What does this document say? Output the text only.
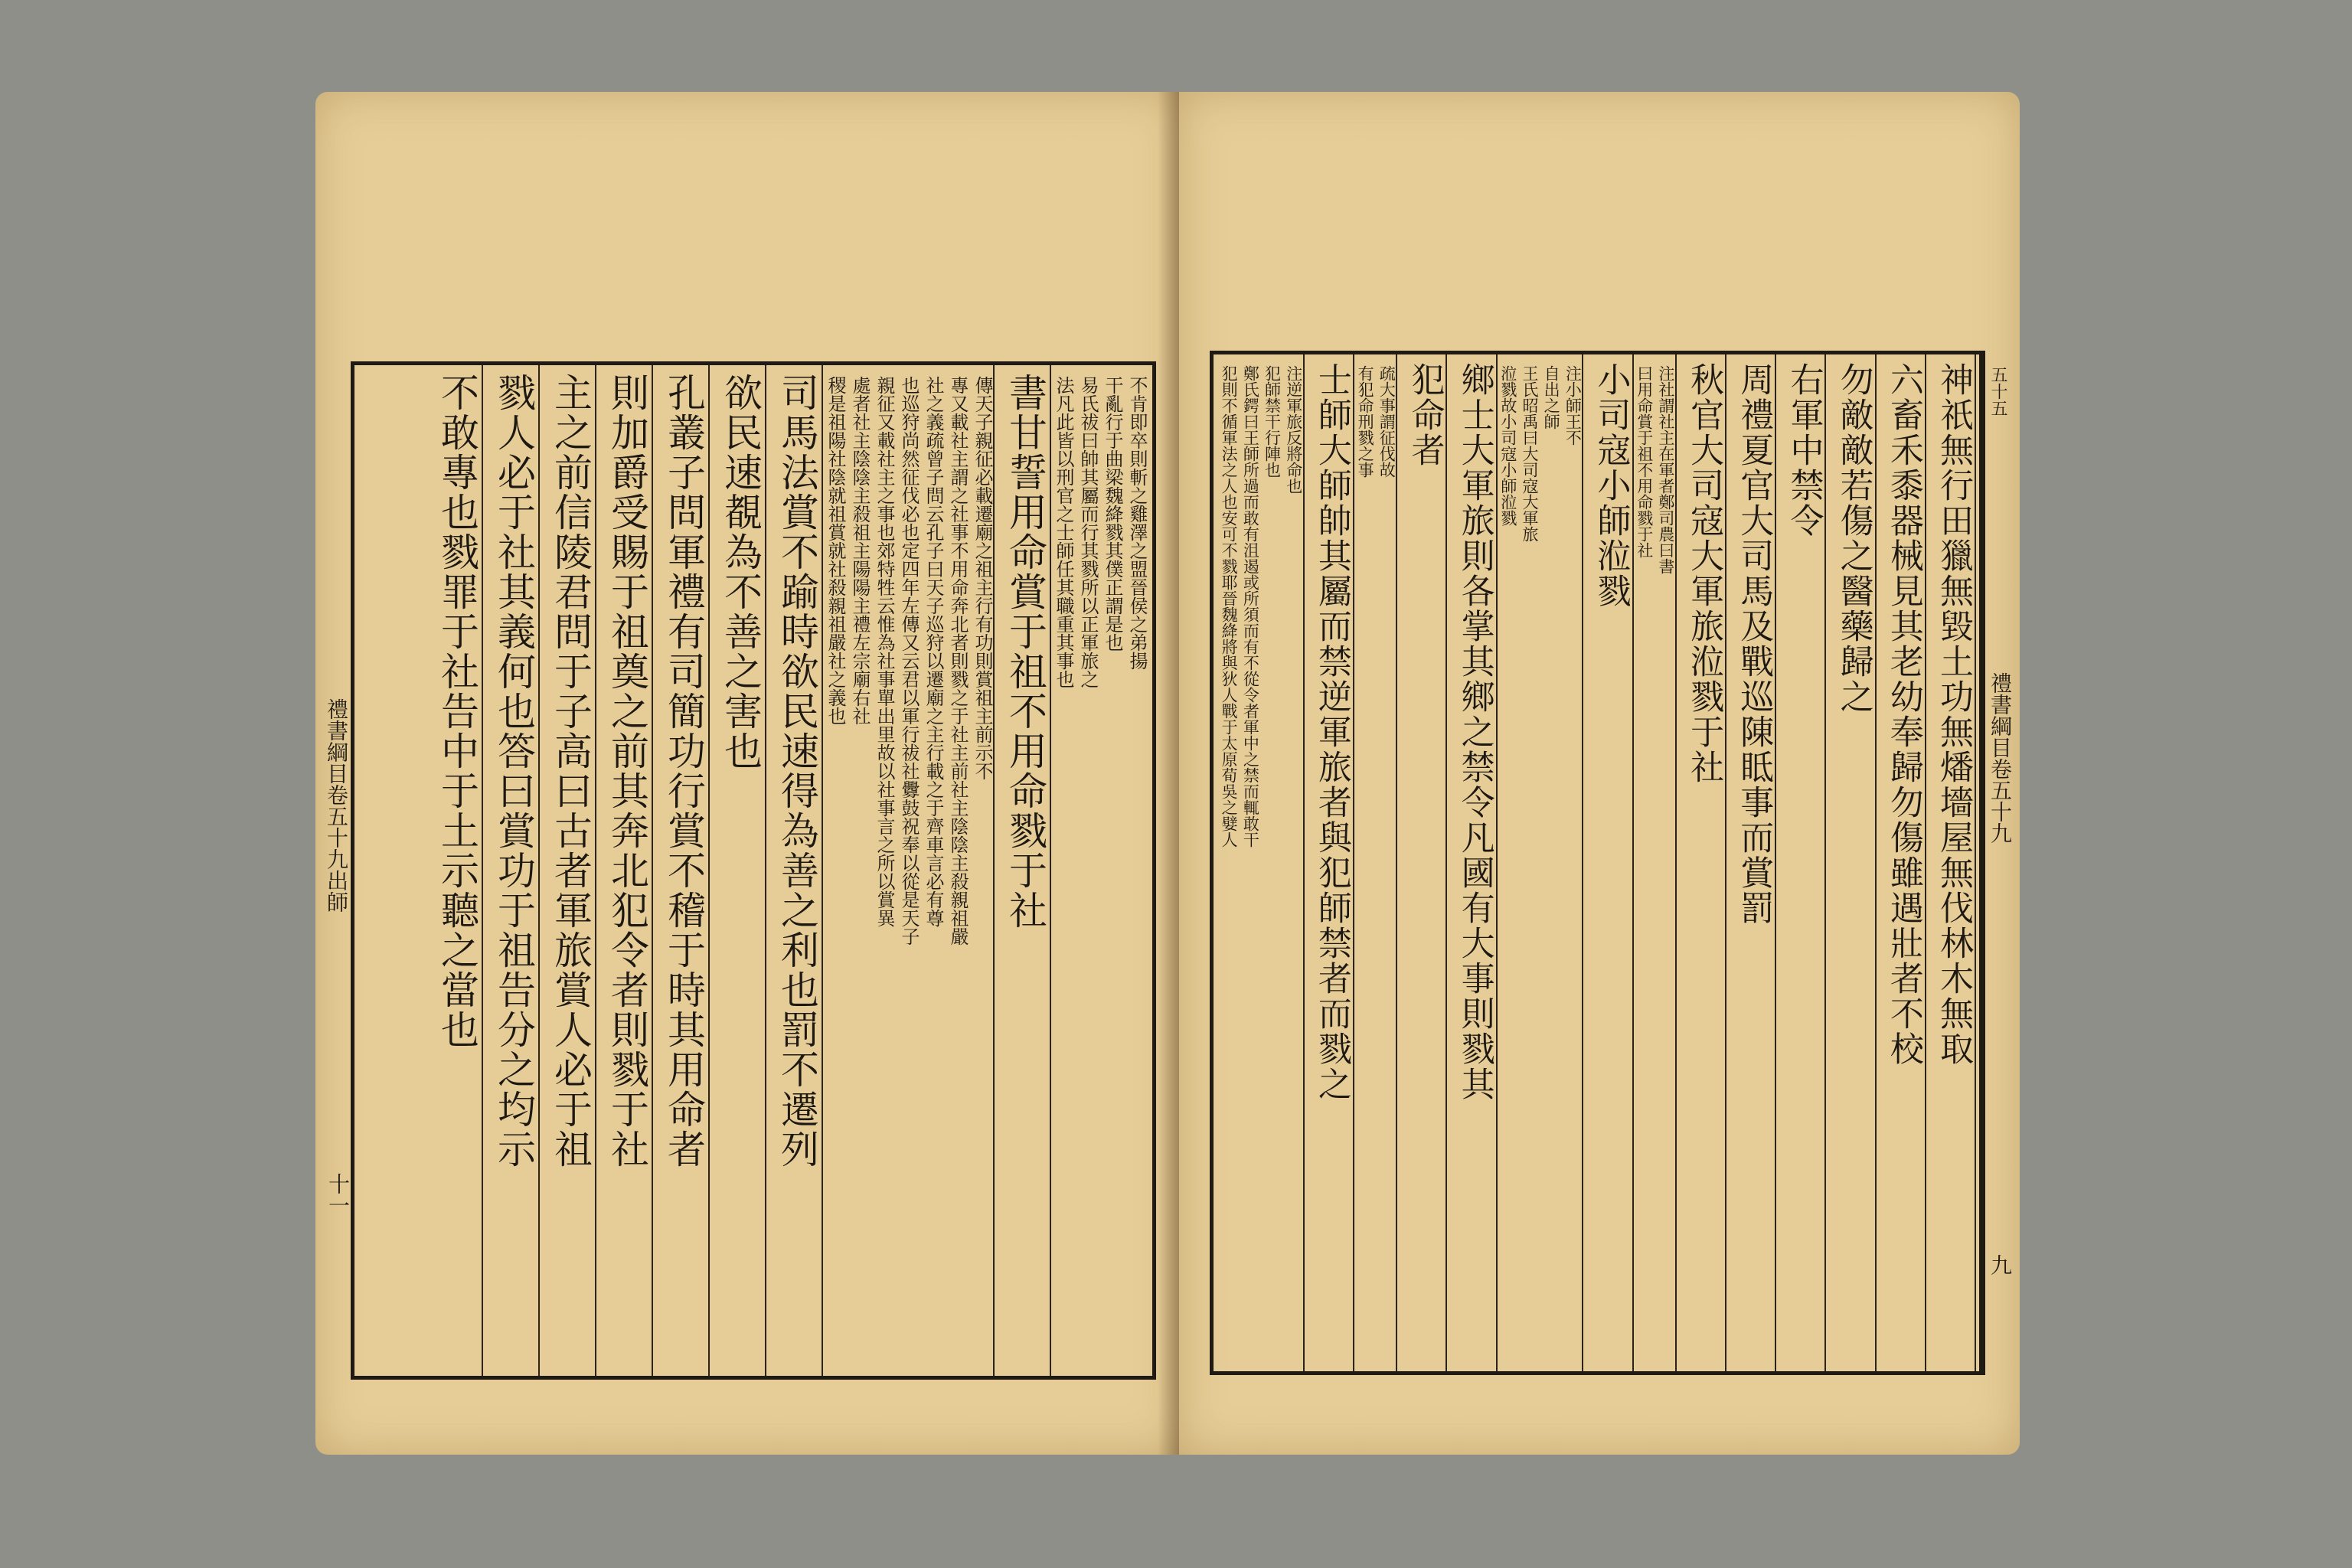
不肯即卒則斬之雞澤之盟晉侯之弟揚
干亂行于曲梁魏絳戮其僕正謂是也
易氏祓曰帥其屬而行其戮所以正軍旅之
法凡此皆以刑官之士師任其職重其事也
書甘誓用命賞于祖不用命戮于社
傳天子親征必載遷廟之祖主行有功則賞祖主前示不
專又載社主謂之社事不用命奔北者則戮之于社主前社主陰陰主殺親祖嚴
社之義疏曾子問云孔子曰天子巡狩以遷廟之主行載之于齊車言必有尊
也巡狩尚然征伐必也定四年左傳又云君以軍行祓社釁鼓祝奉以從是天子
親征又載社主之事也郊特牲云惟為社事單出里故以社事言之所以賞異
處者社主陰陰主殺祖主陽陽主禮左宗廟右社
稷是祖陽社陰就祖賞就社殺親祖嚴社之義也
司馬法賞不踰時欲民速得為善之利也罰不遷列
欲民速覩為不善之害也
孔叢子問軍禮有司簡功行賞不稽于時其用命者
則加爵受賜于祖奠之前其奔北犯令者則戮于社
主之前信陵君問于子高曰古者軍旅賞人必于祖
戮人必于社其義何也答曰賞功于祖告分之均示
不敢專也戮罪于社告中于土示聽之當也
禮書綱目卷五十九出師
十一
神祇無行田獵無毀土功無燔墻屋無伐林木無取
六畜禾黍器械見其老幼奉歸勿傷雖遇壯者不校
勿敵敵若傷之醫藥歸之
右軍中禁令
周禮夏官大司馬及戰巡陳眡事而賞罰
秋官大司寇大軍旅涖戮于社
注社謂社主在軍者鄭司農曰書
曰用命賞于祖不用命戮于社
小司寇小師涖戮
注小師王不
自出之師
王氏昭禹曰大司寇大軍旅
涖戮故小司寇小師涖戮
鄉士大軍旅則各掌其鄉之禁令凡國有大事則戮其
犯命者
疏大事謂征伐故
有犯命刑戮之事
士師大師帥其屬而禁逆軍旅者與犯師禁者而戮之
注逆軍旅反將命也
犯師禁干行陣也
鄭氏鍔曰王師所過而敢有沮遏或所須而有不從令者軍中之禁而輒敢干
犯則不循軍法之人也安可不戮耶晉魏絳將與狄人戰于太原荀吳之嬖人	五十五
禮書綱目卷五十九
九
